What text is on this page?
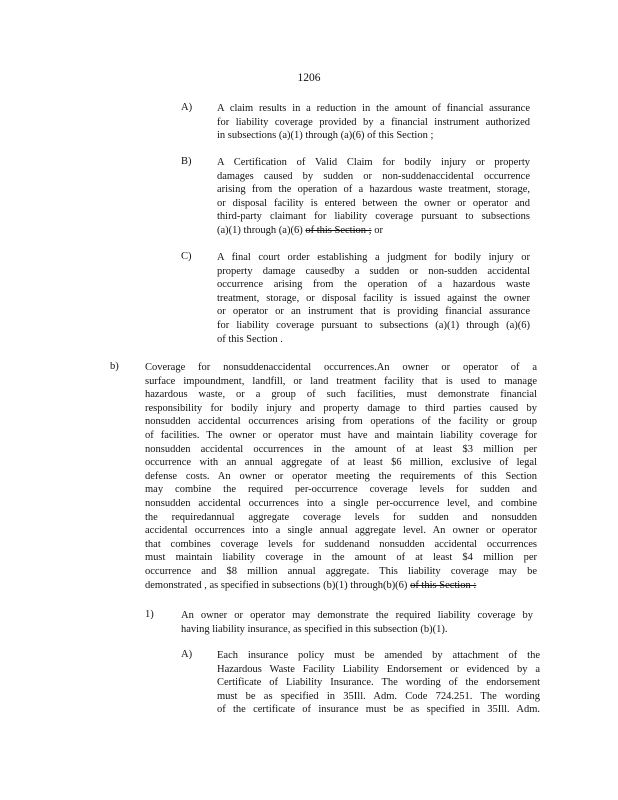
1206
A) A claim results in a reduction in the amount of financial assurance
for liability coverage provided by a financial instrument authorized
in subsections (a)(1) through (a)(6) of this Section ;
B) A Certification of Valid Claim for bodily injury or property
damages caused by sudden or non-suddenaccidental occurrence
arising from the operation of a hazardous waste treatment, storage,
or disposal facility is entered between the owner or operator and
third-party claimant for liability coverage pursuant to subsections
(a)(1) through (a)(6) of this Section ; or
C) A final court order establishing a judgment for bodily injury or
property damage causedby a sudden or non-sudden accidental
occurrence arising from the operation of a hazardous waste
treatment, storage, or disposal facility is issued against the owner
or operator or an instrument that is providing financial assurance
for liability coverage pursuant to subsections (a)(1) through (a)(6)
of this Section .
b)	Coverage for nonsuddenaccidental occurrences.An owner or operator of a
surface impoundment, landfill, or land treatment facility that is used to manage
hazardous waste, or a group of such facilities, must demonstrate financial
responsibility for bodily injury and property damage to third parties caused by
nonsudden accidental occurrences arising from operations of the facility or group
of facilities. The owner or operator must have and maintain liability coverage for
nonsudden accidental occurrences in the amount of at least $3 million per
occurrence with an annual aggregate of at least $6 million, exclusive of legal
defense costs. An owner or operator meeting the requirements of this Section
may combine the required per-occurrence coverage levels for sudden and
nonsudden accidental occurrences into a single per-occurrence level, and combine
the requiredannual aggregate coverage levels for sudden and nonsudden
accidental occurrences into a single annual aggregate level. An owner or operator
that combines coverage levels for suddenand nonsudden accidental occurrences
must maintain liability coverage in the amount of at least $4 million per
occurrence and $8 million annual aggregate. This liability coverage may be
demonstrated , as specified in subsections (b)(1) through(b)(6) of this Section :
1)	An owner or operator may demonstrate the required liability coverage by
having liability insurance, as specified in this subsection (b)(1).
A) Each insurance policy must be amended by attachment of the
Hazardous Waste Facility Liability Endorsement or evidenced by a
Certificate of Liability Insurance. The wording of the endorsement
must be as specified in 35Ill. Adm. Code 724.251. The wording
of the certificate of insurance must be as specified in 35Ill. Adm.
